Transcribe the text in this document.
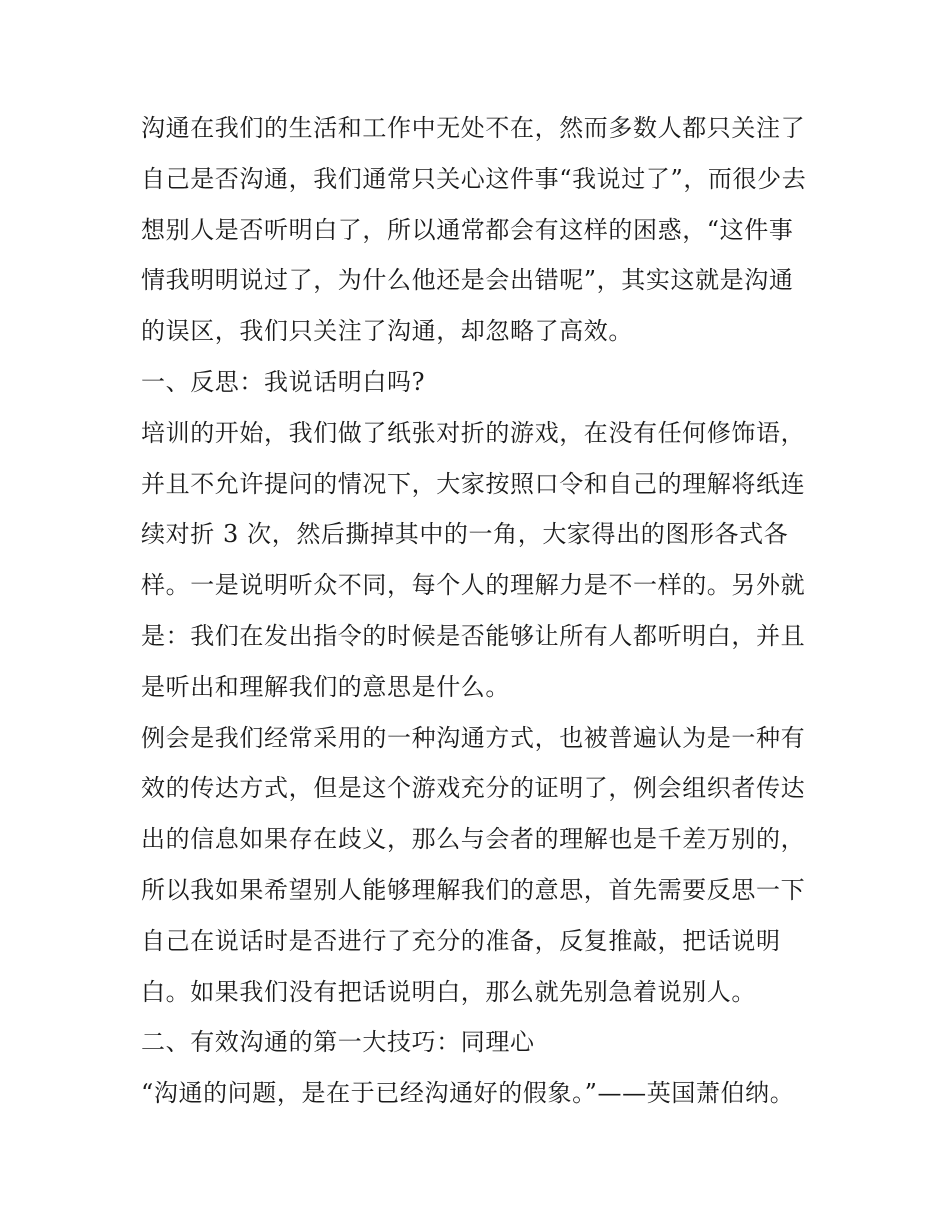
沟通在我们的生活和工作中无处不在，然而多数人都只关注了
自己是否沟通，我们通常只关心这件事“我说过了”，而很少去
想别人是否听明白了，所以通常都会有这样的困惑，“这件事
情我明明说过了，为什么他还是会出错呢”，其实这就是沟通
的误区，我们只关注了沟通，却忽略了高效。
一、反思：我说话明白吗?
培训的开始，我们做了纸张对折的游戏，在没有任何修饰语，
并且不允许提问的情况下，大家按照口令和自己的理解将纸连
续对折 3 次，然后撕掉其中的一角，大家得出的图形各式各
样。一是说明听众不同，每个人的理解力是不一样的。另外就
是：我们在发出指令的时候是否能够让所有人都听明白，并且
是听出和理解我们的意思是什么。
例会是我们经常采用的一种沟通方式，也被普遍认为是一种有
效的传达方式，但是这个游戏充分的证明了，例会组织者传达
出的信息如果存在歧义，那么与会者的理解也是千差万别的，
所以我如果希望别人能够理解我们的意思，首先需要反思一下
自己在说话时是否进行了充分的准备，反复推敲，把话说明
白。如果我们没有把话说明白，那么就先别急着说别人。
二、有效沟通的第一大技巧：同理心
“沟通的问题，是在于已经沟通好的假象。”——英国萧伯纳。
